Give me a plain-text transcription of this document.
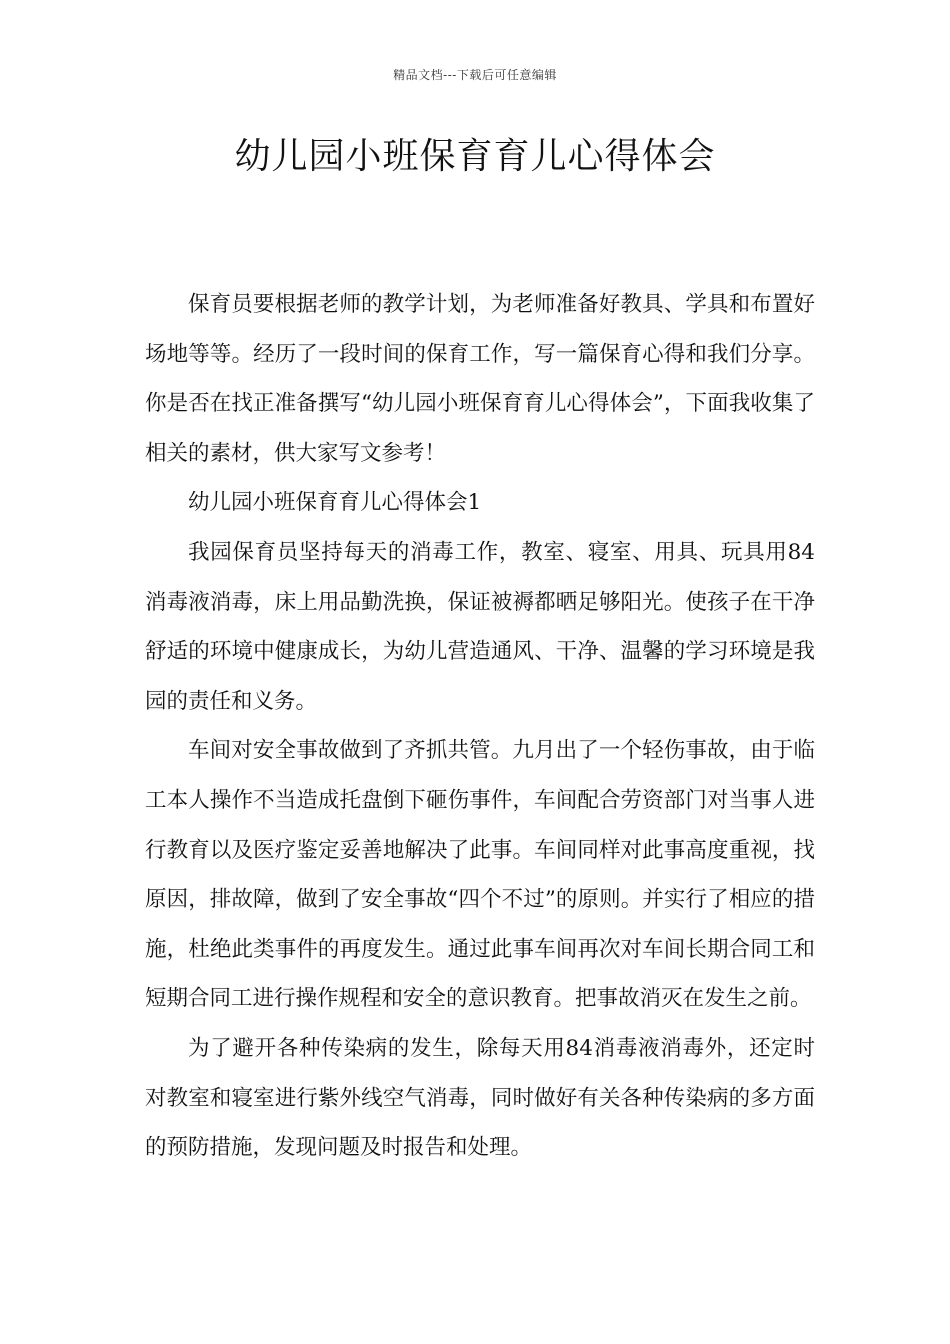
精品文档---下载后可任意编辑
幼儿园小班保育育儿心得体会

保育员要根据老师的教学计划，为老师准备好教具、学具和布置好场地等等。经历了一段时间的保育工作，写一篇保育心得和我们分享。你是否在找正准备撰写“幼儿园小班保育育儿心得体会”，下面我收集了相关的素材，供大家写文参考！

幼儿园小班保育育儿心得体会1

我园保育员坚持每天的消毒工作，教室、寝室、用具、玩具用84消毒液消毒，床上用品勤洗换，保证被褥都晒足够阳光。使孩子在干净舒适的环境中健康成长，为幼儿营造通风、干净、温馨的学习环境是我园的责任和义务。

车间对安全事故做到了齐抓共管。九月出了一个轻伤事故，由于临工本人操作不当造成托盘倒下砸伤事件，车间配合劳资部门对当事人进行教育以及医疗鉴定妥善地解决了此事。车间同样对此事高度重视，找原因，排故障，做到了安全事故“四个不过”的原则。并实行了相应的措施，杜绝此类事件的再度发生。通过此事车间再次对车间长期合同工和短期合同工进行操作规程和安全的意识教育。把事故消灭在发生之前。

为了避开各种传染病的发生，除每天用84消毒液消毒外，还定时对教室和寝室进行紫外线空气消毒，同时做好有关各种传染病的多方面的预防措施，发现问题及时报告和处理。
